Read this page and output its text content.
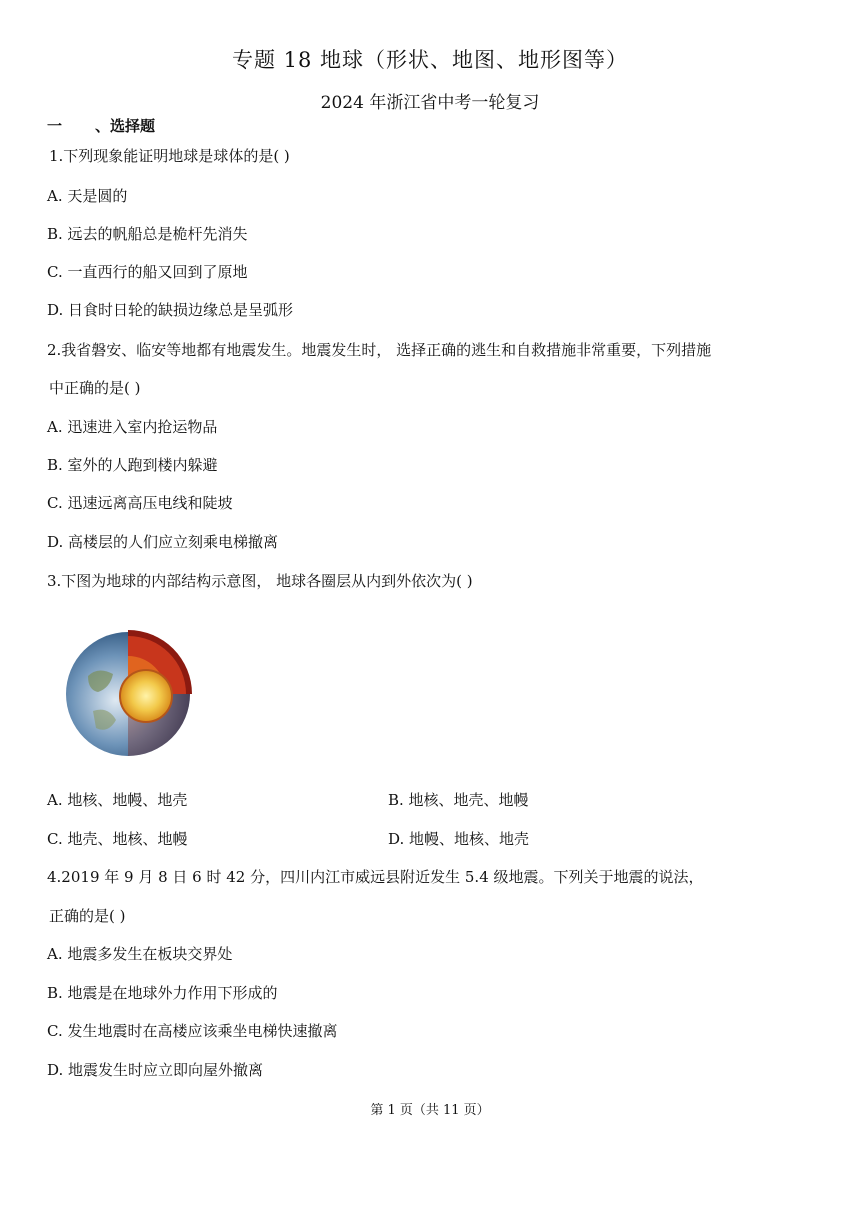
专题 18 地球（形状、地图、地形图等）
2024 年浙江省中考一轮复习
一 、选择题
1.下列现象能证明地球是球体的是( )
A. 天是圆的
B. 远去的帆船总是桅杆先消失
C. 一直西行的船又回到了原地
D. 日食时日轮的缺损边缘总是呈弧形
2.我省磐安、临安等地都有地震发生。地震发生时， 选择正确的逃生和自救措施非常重要，下列措施
中正确的是( )
A. 迅速进入室内抢运物品
B. 室外的人跑到楼内躲避
C. 迅速远离高压电线和陡坡
D. 高楼层的人们应立刻乘电梯撤离
3.下图为地球的内部结构示意图， 地球各圈层从内到外依次为( )
A. 地核、地幔、地壳	B. 地核、地壳、地幔
C. 地壳、地核、地幔	D. 地幔、地核、地壳
4.2019 年 9 月 8 日 6 时 42 分，四川内江市威远县附近发生 5.4 级地震。下列关于地震的说法，
正确的是( )
A. 地震多发生在板块交界处
B. 地震是在地球外力作用下形成的
C. 发生地震时在高楼应该乘坐电梯快速撤离
D. 地震发生时应立即向屋外撤离
第 1 页（共 11 页）
